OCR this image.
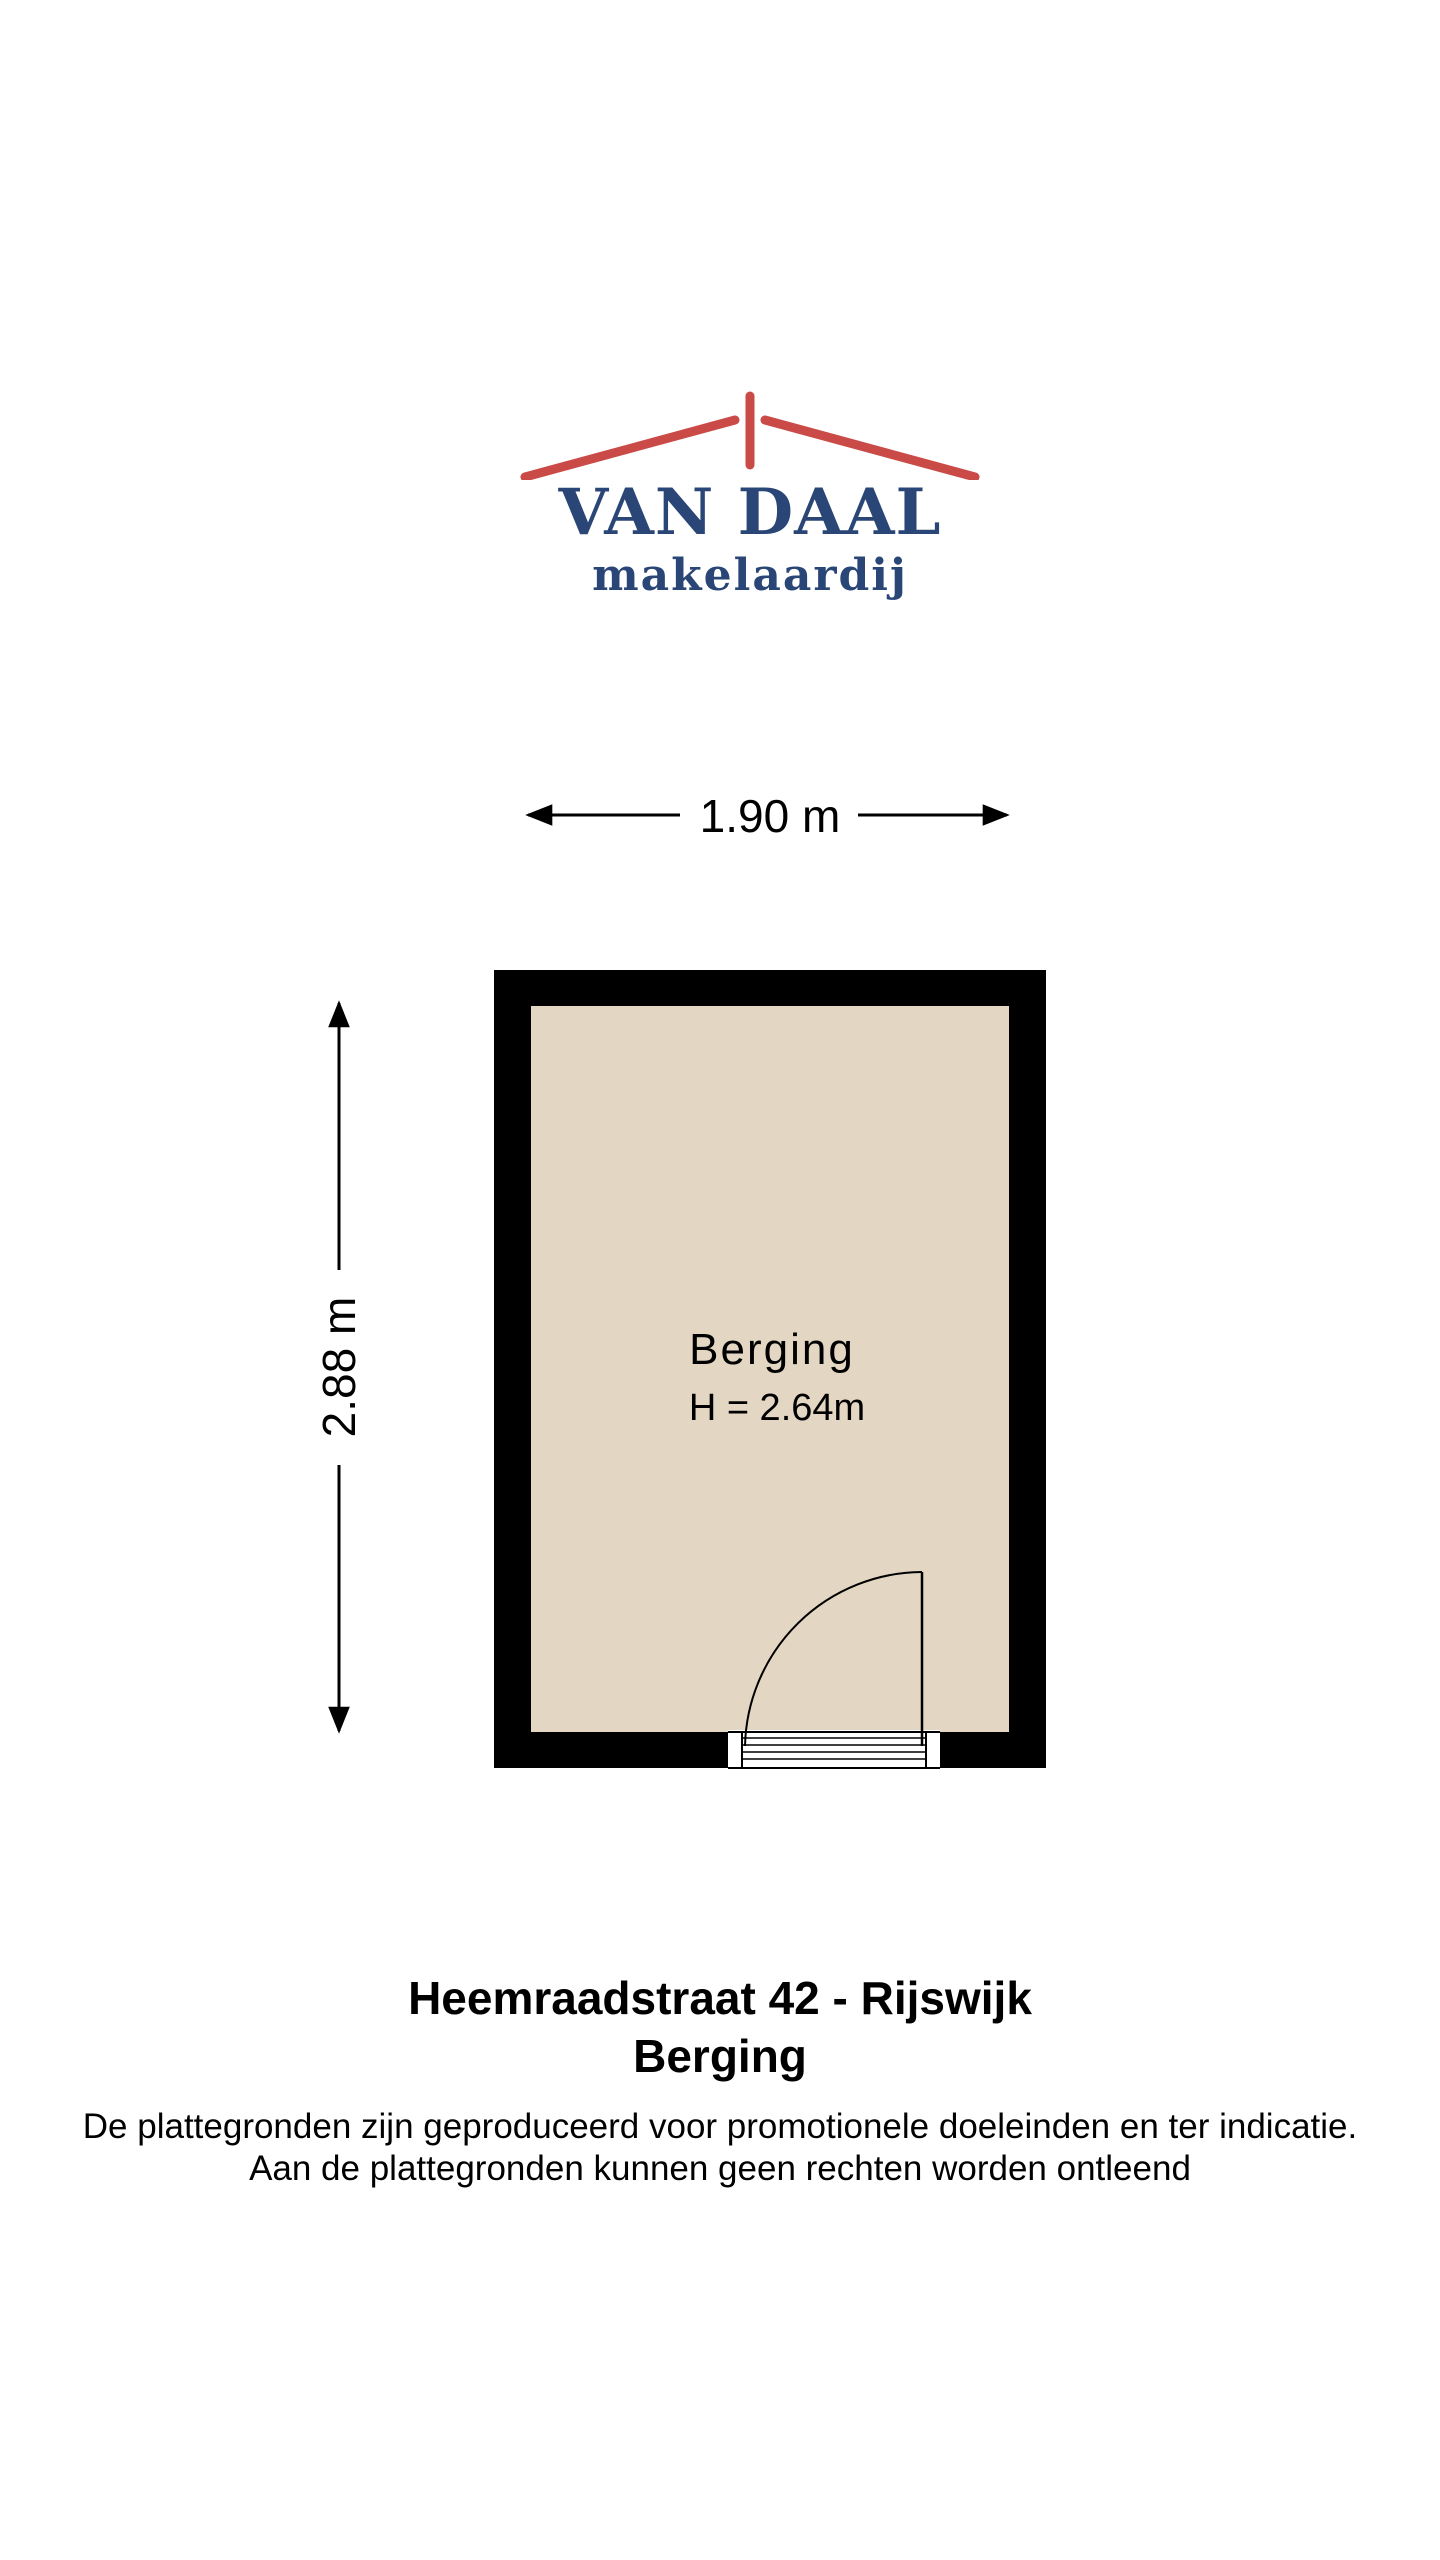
VAN DAAL
makelaardij
1.90 m
2.88 m	Berging
H = 2.64m
Heemraadstraat 42 - Rijswijk
Berging
De plattegronden zijn geproduceerd voor promotionele doeleinden en ter indicatie.
Aan de plattegronden kunnen geen rechten worden ontleend
